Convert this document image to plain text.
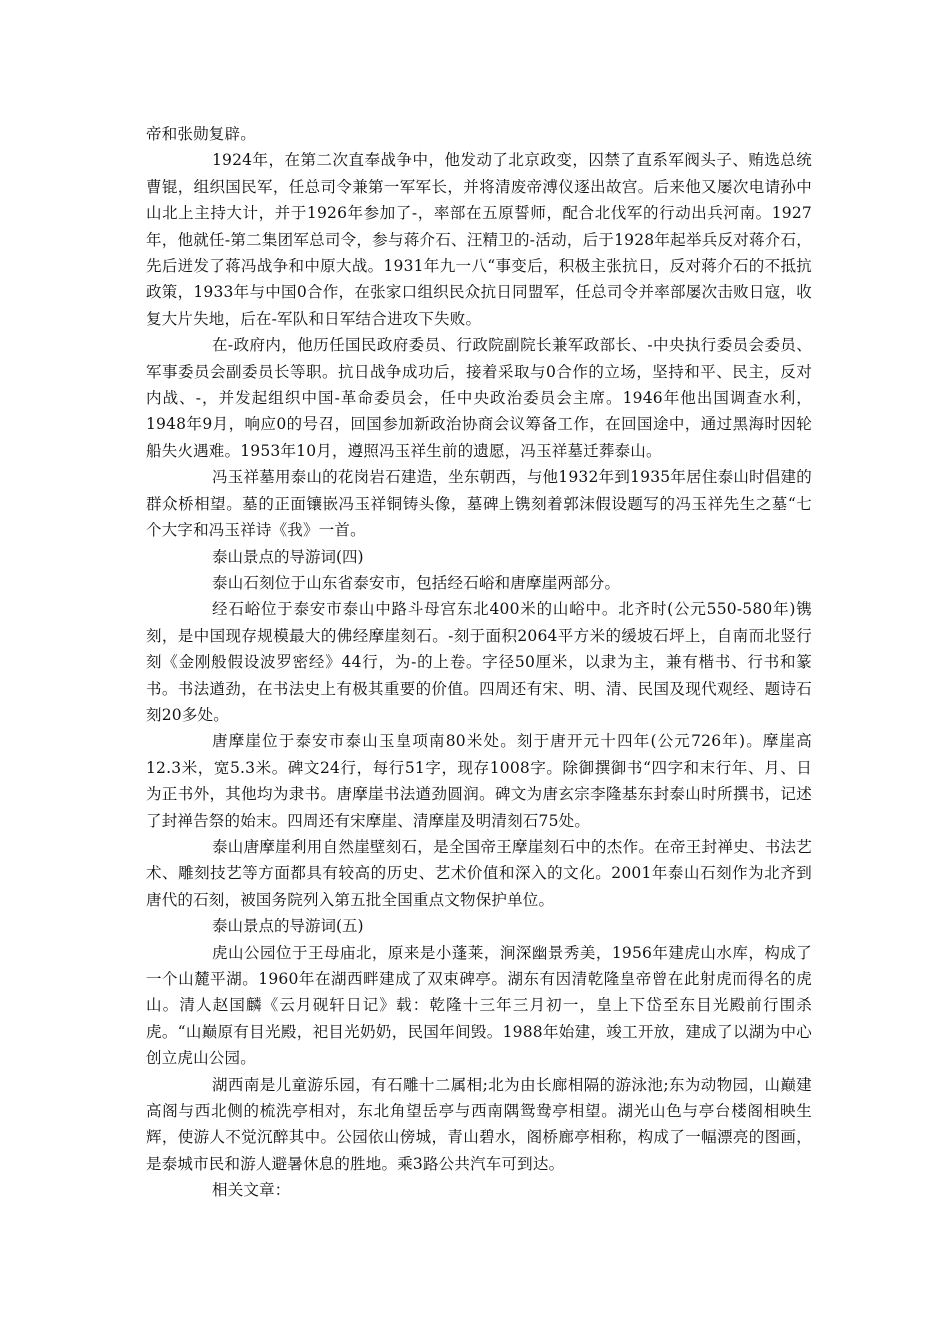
帝和张勋复辟。

1924年，在第二次直奉战争中，他发动了北京政变，囚禁了直系军阀头子、贿选总统曹锟，组织国民军，任总司令兼第一军军长，并将清废帝溥仪逐出故宫。后来他又屡次电请孙中山北上主持大计，并于1926年参加了-，率部在五原誓师，配合北伐军的行动出兵河南。1927年，他就任-第二集团军总司令，参与蒋介石、汪精卫的-活动，后于1928年起举兵反对蒋介石，先后迸发了蒋冯战争和中原大战。1931年九一八“事变后，积极主张抗日，反对蒋介石的不抵抗政策，1933年与中国0合作，在张家口组织民众抗日同盟军，任总司令并率部屡次击败日寇，收复大片失地，后在-军队和日军结合进攻下失败。

在-政府内，他历任国民政府委员、行政院副院长兼军政部长、-中央执行委员会委员、军事委员会副委员长等职。抗日战争成功后，接着采取与0合作的立场，坚持和平、民主，反对内战、-，并发起组织中国-革命委员会，任中央政治委员会主席。1946年他出国调查水利，1948年9月，响应0的号召，回国参加新政治协商会议筹备工作，在回国途中，通过黑海时因轮船失火遇难。1953年10月，遵照冯玉祥生前的遗愿，冯玉祥墓迁葬泰山。

冯玉祥墓用泰山的花岗岩石建造，坐东朝西，与他1932年到1935年居住泰山时倡建的群众桥相望。墓的正面镶嵌冯玉祥铜铸头像，墓碑上镌刻着郭沫假设题写的冯玉祥先生之墓“七个大字和冯玉祥诗《我》一首。

泰山景点的导游词(四)

泰山石刻位于山东省泰安市，包括经石峪和唐摩崖两部分。

经石峪位于泰安市泰山中路斗母宫东北400米的山峪中。北齐时(公元550-580年)镌刻，是中国现存规模最大的佛经摩崖刻石。-刻于面积2064平方米的缓坡石坪上，自南而北竖行刻《金刚般假设波罗密经》44行，为-的上卷。字径50厘米，以隶为主，兼有楷书、行书和篆书。书法遒劲，在书法史上有极其重要的价值。四周还有宋、明、清、民国及现代观经、题诗石刻20多处。

唐摩崖位于泰安市泰山玉皇项南80米处。刻于唐开元十四年(公元726年)。摩崖高12.3米，宽5.3米。碑文24行，每行51字，现存1008字。除御撰御书“四字和末行年、月、日为正书外，其他均为隶书。唐摩崖书法遒劲圆润。碑文为唐玄宗李隆基东封泰山时所撰书，记述了封禅告祭的始末。四周还有宋摩崖、清摩崖及明清刻石75处。

泰山唐摩崖利用自然崖壁刻石，是全国帝王摩崖刻石中的杰作。在帝王封禅史、书法艺术、雕刻技艺等方面都具有较高的历史、艺术价值和深入的文化。2001年泰山石刻作为北齐到唐代的石刻，被国务院列入第五批全国重点文物保护单位。

泰山景点的导游词(五)

虎山公园位于王母庙北，原来是小蓬莱，涧深幽景秀美，1956年建虎山水库，构成了一个山麓平湖。1960年在湖西畔建成了双束碑亭。湖东有因清乾隆皇帝曾在此射虎而得名的虎山。清人赵国麟《云月砚轩日记》载：乾隆十三年三月初一，皇上下岱至东目光殿前行围杀虎。“山巅原有目光殿，祀目光奶奶，民国年间毁。1988年始建，竣工开放，建成了以湖为中心创立虎山公园。

湖西南是儿童游乐园，有石雕十二属相;北为由长廊相隔的游泳池;东为动物园，山巅建高阁与西北侧的梳洗亭相对，东北角望岳亭与西南隅鸳鸯亭相望。湖光山色与亭台楼阁相映生辉，使游人不觉沉醉其中。公园依山傍城，青山碧水，阁桥廊亭相称，构成了一幅漂亮的图画，是泰城市民和游人避暑休息的胜地。乘3路公共汽车可到达。

相关文章：
